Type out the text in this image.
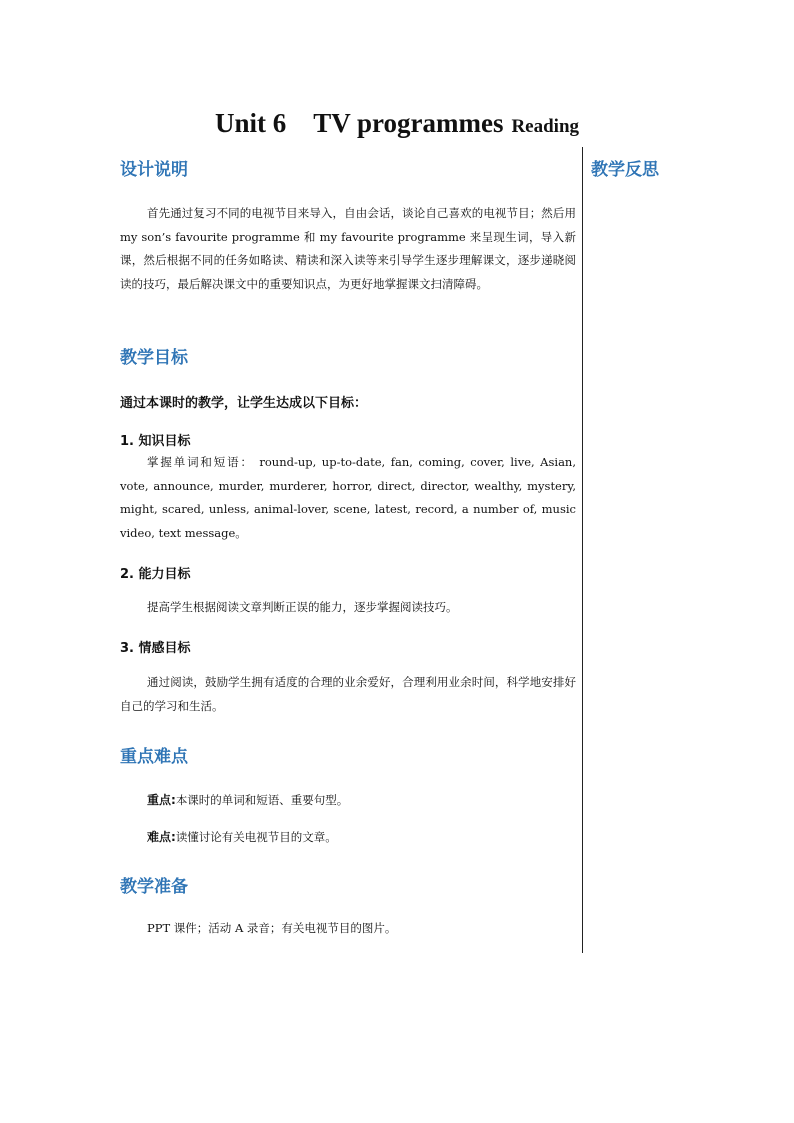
Unit 6    TV programmes Reading
教学反思
设计说明
首先通过复习不同的电视节目来导入，自由会话，谈论自己喜欢的电视节目；然后用 my son’s favourite programme 和 my favourite programme 来呈现生词，导入新课，然后根据不同的任务如略读、精读和深入读等来引导学生逐步理解课文，逐步递晓阅读的技巧，最后解决课文中的重要知识点，为更好地掌握课文扫清障碍。
教学目标
通过本课时的教学，让学生达成以下目标：
1. 知识目标
掌握单词和短语： round-up, up-to-date, fan, coming, cover, live, Asian, vote, announce, murder, murderer, horror, direct, director, wealthy, mystery, might, scared, unless, animal-lover, scene, latest, record, a number of, music video, text message。
2. 能力目标
提高学生根据阅读文章判断正误的能力，逐步掌握阅读技巧。
3. 情感目标
通过阅读，鼓励学生拥有适度的合理的业余爱好，合理利用业余时间，科学地安排好自己的学习和生活。
重点难点
重点:本课时的单词和短语、重要句型。
难点:读懂讨论有关电视节目的文章。
教学准备
PPT 课件；活动 A 录音；有关电视节目的图片。
